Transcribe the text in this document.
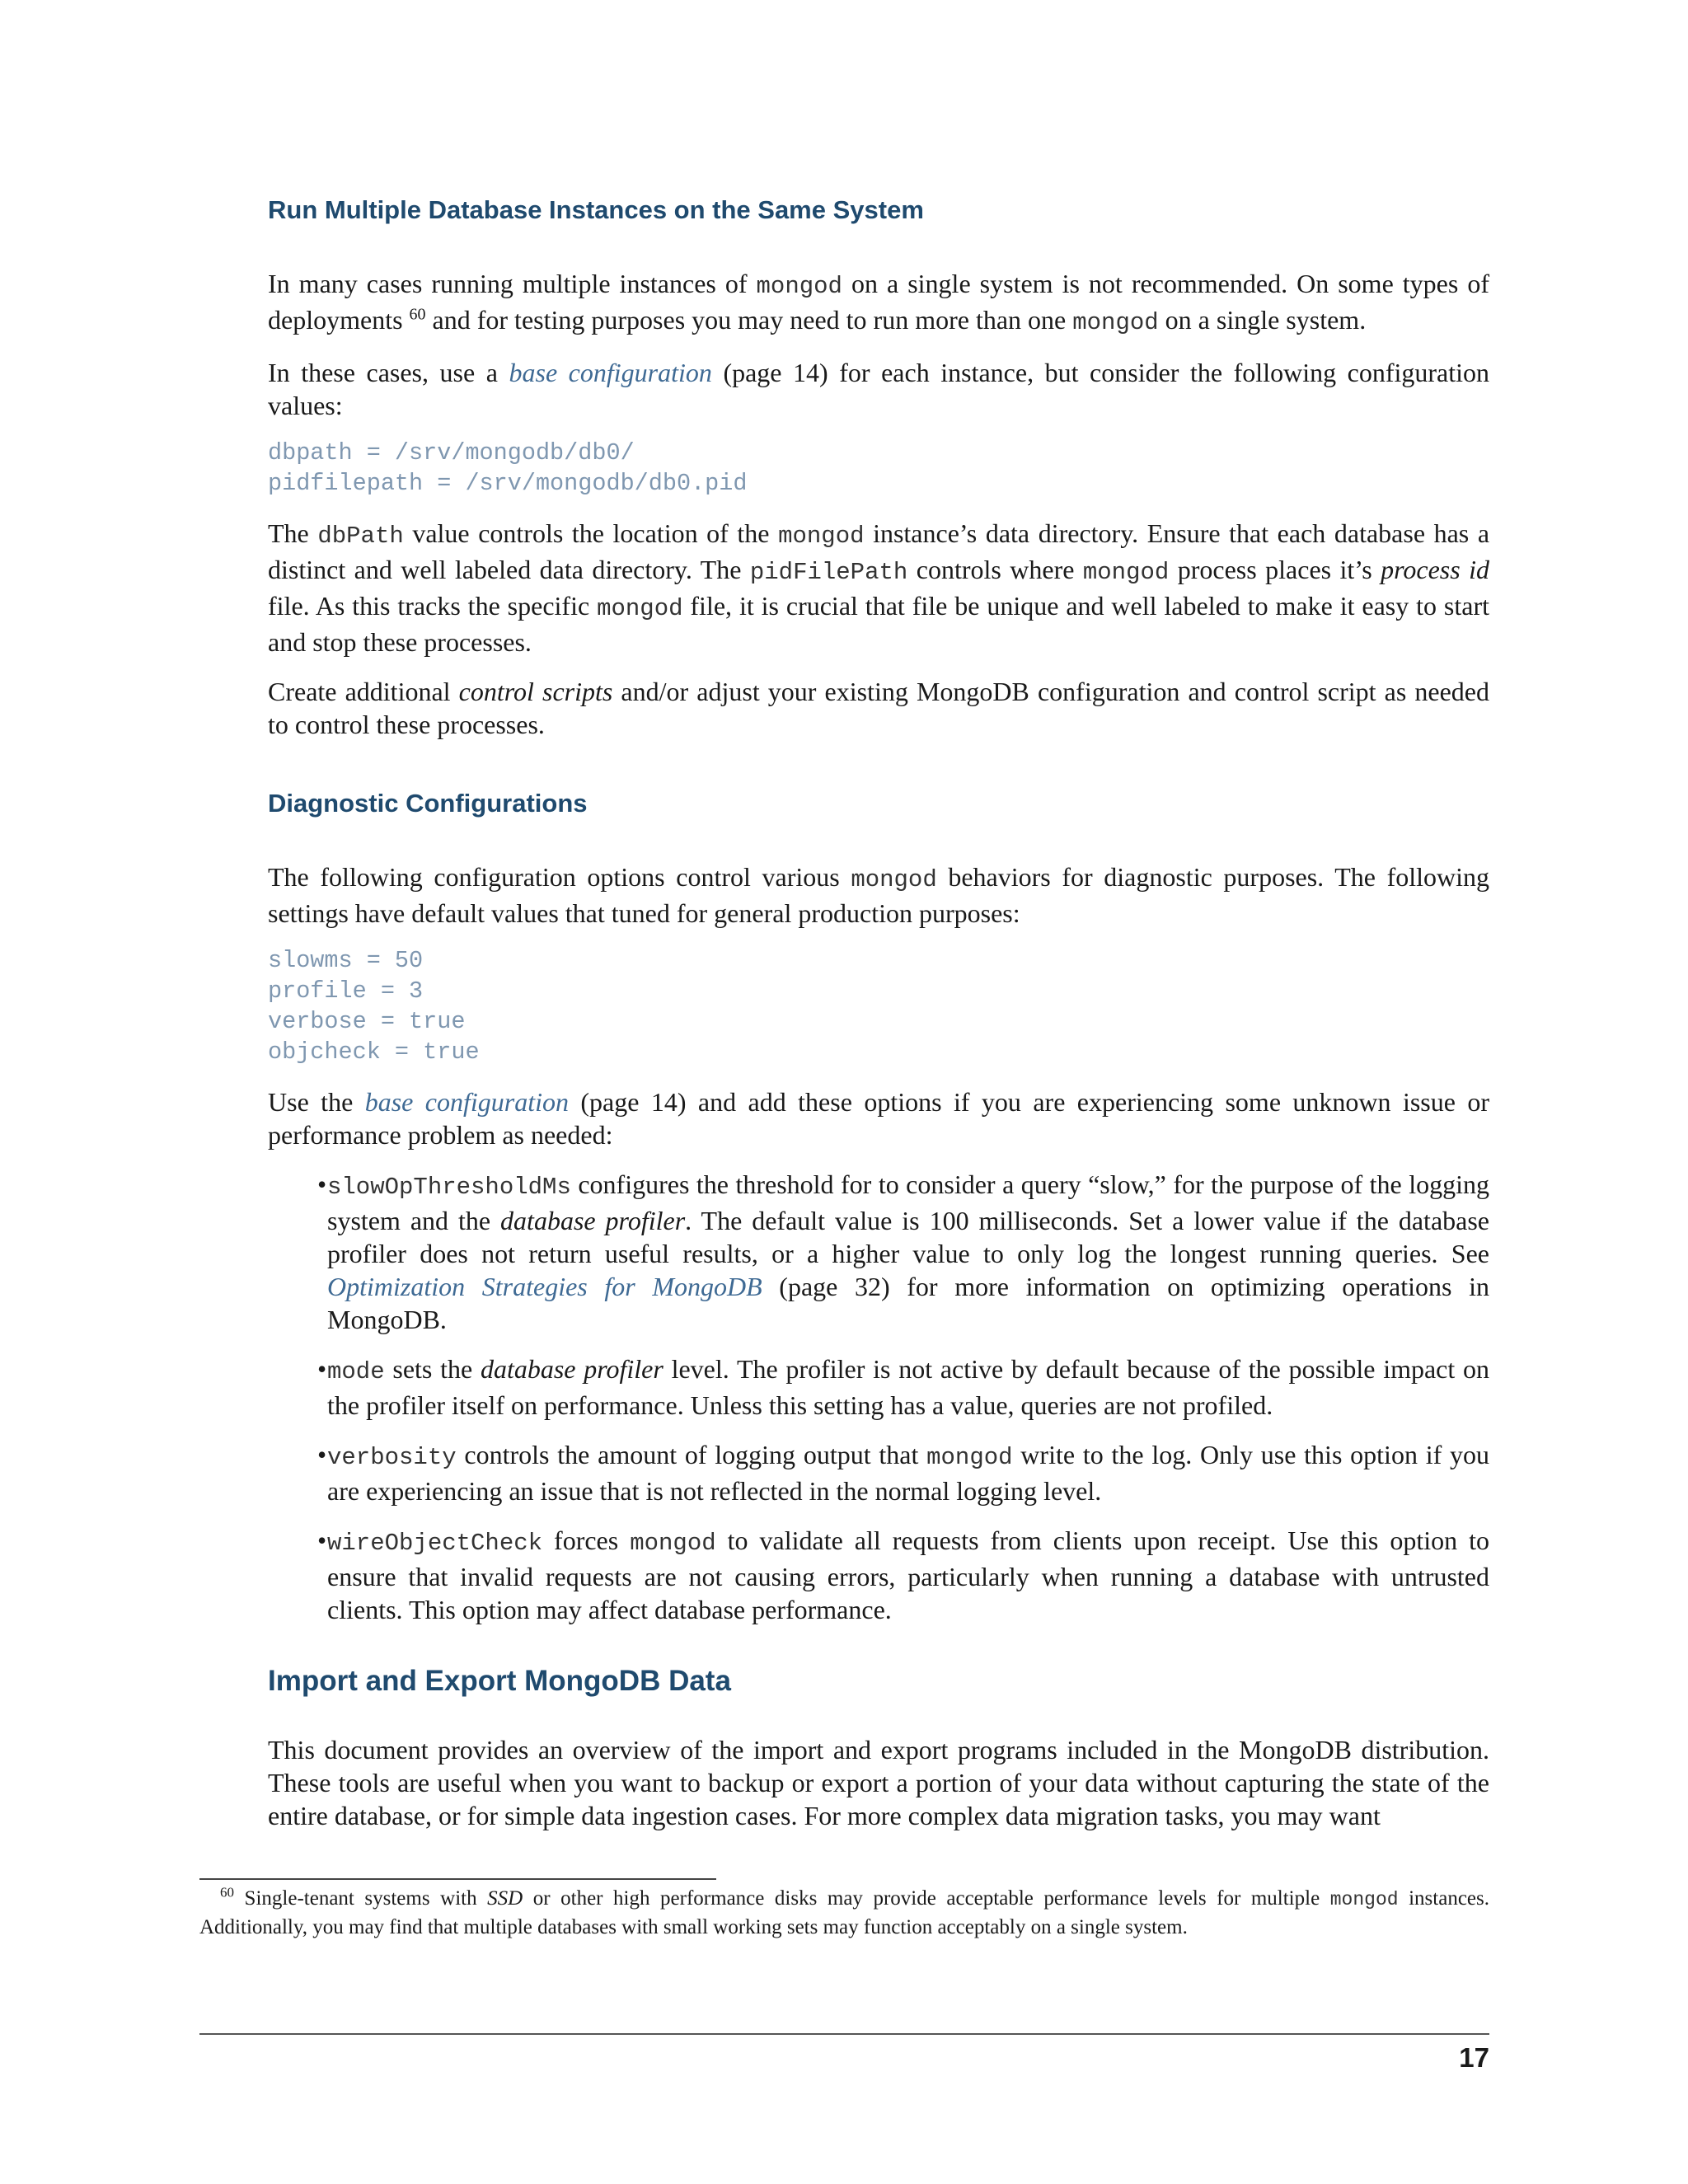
Run Multiple Database Instances on the Same System

In many cases running multiple instances of mongod on a single system is not recommended. On some types of deployments $^{60}$ and for testing purposes you may need to run more than one mongod on a single system.

In these cases, use a base configuration (page 14) for each instance, but consider the following configuration values:

dbpath = /srv/mongodb/db0/
pidfilepath = /srv/mongodb/db0.pid

The dbPath value controls the location of the mongod instance’s data directory. Ensure that each database has a distinct and well labeled data directory. The pidFilePath controls where mongod process places it’s process id file. As this tracks the specific mongod file, it is crucial that file be unique and well labeled to make it easy to start and stop these processes.

Create additional control scripts and/or adjust your existing MongoDB configuration and control script as needed to control these processes.

Diagnostic Configurations

The following configuration options control various mongod behaviors for diagnostic purposes. The following settings have default values that tuned for general production purposes:

slowms = 50
profile = 3
verbose = true
objcheck = true

Use the base configuration (page 14) and add these options if you are experiencing some unknown issue or performance problem as needed:

• slowOpThresholdMs configures the threshold for to consider a query “slow,” for the purpose of the logging system and the database profiler. The default value is 100 milliseconds. Set a lower value if the database profiler does not return useful results, or a higher value to only log the longest running queries. See Optimization Strategies for MongoDB (page 32) for more information on optimizing operations in MongoDB.
• mode sets the database profiler level. The profiler is not active by default because of the possible impact on the profiler itself on performance. Unless this setting has a value, queries are not profiled.
• verbosity controls the amount of logging output that mongod write to the log. Only use this option if you are experiencing an issue that is not reflected in the normal logging level.
• wireObjectCheck forces mongod to validate all requests from clients upon receipt. Use this option to ensure that invalid requests are not causing errors, particularly when running a database with untrusted clients. This option may affect database performance.
Import and Export MongoDB Data

This document provides an overview of the import and export programs included in the MongoDB distribution. These tools are useful when you want to backup or export a portion of your data without capturing the state of the entire database, or for simple data ingestion cases. For more complex data migration tasks, you may want

$^{60}$ Single-tenant systems with SSD or other high performance disks may provide acceptable performance levels for multiple mongod instances. Additionally, you may find that multiple databases with small working sets may function acceptably on a single system.
17
